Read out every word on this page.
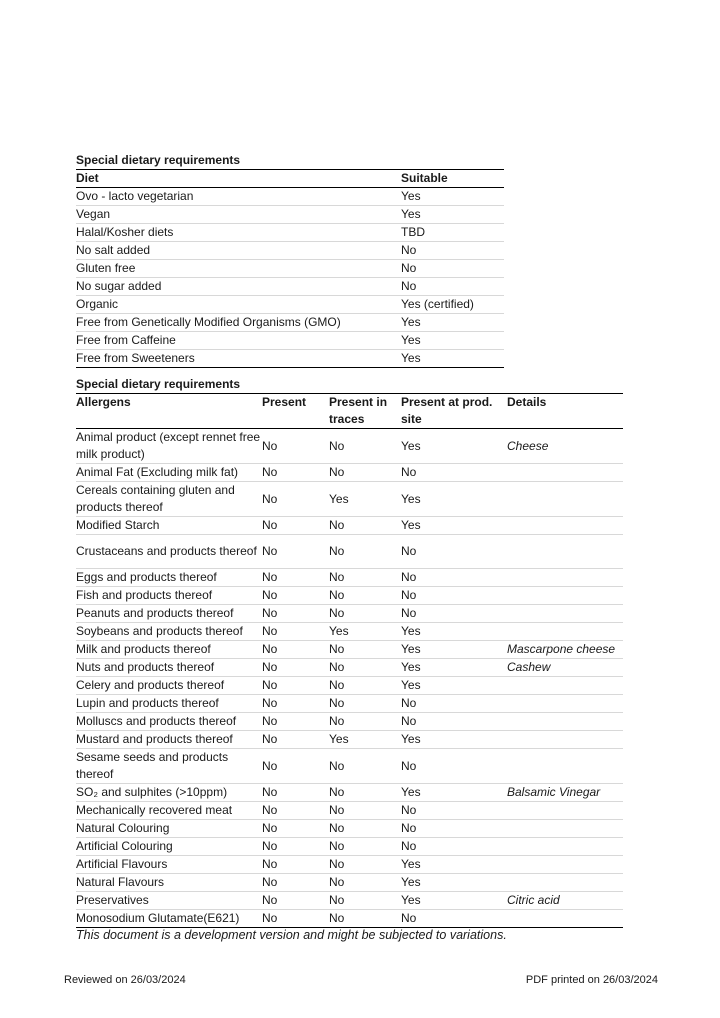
Special dietary requirements
Diet	Suitable
Ovo - lacto vegetarian	Yes
Vegan	Yes
Halal/Kosher diets	TBD
No salt added	No
Gluten free	No
No sugar added	No
Organic	Yes (certified)
Free from Genetically Modified Organisms (GMO)	Yes
Free from Caffeine	Yes
Free from Sweeteners	Yes
Special dietary requirements
Allergens	Present	Present in traces	Present at prod. site	Details
Animal product (except rennet free milk product)	No	No	Yes	Cheese
Animal Fat (Excluding milk fat)	No	No	No	
Cereals containing gluten and products thereof	No	Yes	Yes	
Modified Starch	No	No	Yes	
Crustaceans and products thereof	No	No	No	
Eggs and products thereof	No	No	No	
Fish and products thereof	No	No	No	
Peanuts and products thereof	No	No	No	
Soybeans and products thereof	No	Yes	Yes	
Milk and products thereof	No	No	Yes	Mascarpone cheese
Nuts and products thereof	No	No	Yes	Cashew
Celery and products thereof	No	No	Yes	
Lupin and products thereof	No	No	No	
Molluscs and products thereof	No	No	No	
Mustard and products thereof	No	Yes	Yes	
Sesame seeds and products thereof	No	No	No	
SO₂ and sulphites (>10ppm)	No	No	Yes	Balsamic Vinegar
Mechanically recovered meat	No	No	No	
Natural Colouring	No	No	No	
Artificial Colouring	No	No	No	
Artificial Flavours	No	No	Yes	
Natural Flavours	No	No	Yes	
Preservatives	No	No	Yes	Citric acid
Monosodium Glutamate(E621)	No	No	No	
This document is a development version and might be subjected to variations.
Reviewed on 26/03/2024	PDF printed on 26/03/2024
